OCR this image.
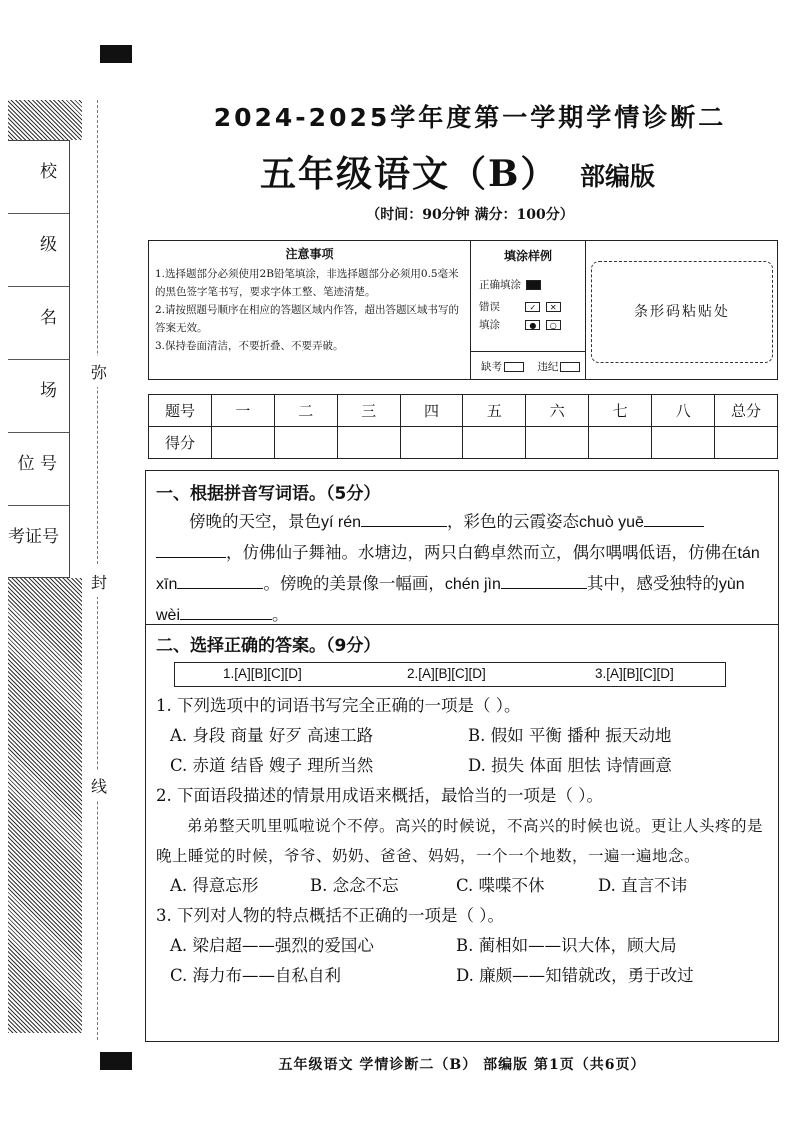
校
级
名
场
位 号
考证号
弥
封
线
2024-2025学年度第一学期学情诊断二
五年级语文（B） 部编版
（时间：90分钟 满分：100分）
注意事项
1.选择题部分必须使用2B铅笔填涂，非选择题部分必须用0.5毫米的黑色签字笔书写，要求字体工整、笔迹清楚。
2.请按照题号顺序在相应的答题区域内作答，超出答题区域书写的答案无效。
3.保持卷面清洁，不要折叠、不要弄破。
填涂样例
正确填涂
错误	✓ ✕
填涂	● ○
缺考	违纪
条形码粘贴处
题号	一	二	三	四	五	六	七	八	总分
得分									
一、根据拼音写词语。（5分）
  傍晚的天空，景色yí rén	，彩色的云霞姿态chuò yuē，仿佛仙子舞袖。水塘边，两只白鹤卓然而立，偶尔喁喁低语，仿佛在tán xīn	。傍晚的美景像一幅画，chén jìn	其中，感受独特的yùn wèi	。
二、选择正确的答案。（9分）
1.[A][B][C][D]	2.[A][B][C][D]	3.[A][B][C][D]
1. 下列选项中的词语书写完全正确的一项是（ ）。
A. 身段 商量 好歹 高速工路	B. 假如 平衡 播种 振天动地
C. 赤道 结昏 嫂子 理所当然	D. 损失 体面 胆怯 诗情画意
2. 下面语段描述的情景用成语来概括，最恰当的一项是（ ）。
弟弟整天叽里呱啦说个不停。高兴的时候说，不高兴的时候也说。更让人头疼的是晚上睡觉的时候，爷爷、奶奶、爸爸、妈妈，一个一个地数，一遍一遍地念。
A. 得意忘形	B. 念念不忘	C. 喋喋不休	D. 直言不讳
3. 下列对人物的特点概括不正确的一项是（ ）。
A. 梁启超——强烈的爱国心	B. 蔺相如——识大体，顾大局
C. 海力布——自私自利	D. 廉颇——知错就改，勇于改过
五年级语文 学情诊断二（B） 部编版 第1页（共6页）
